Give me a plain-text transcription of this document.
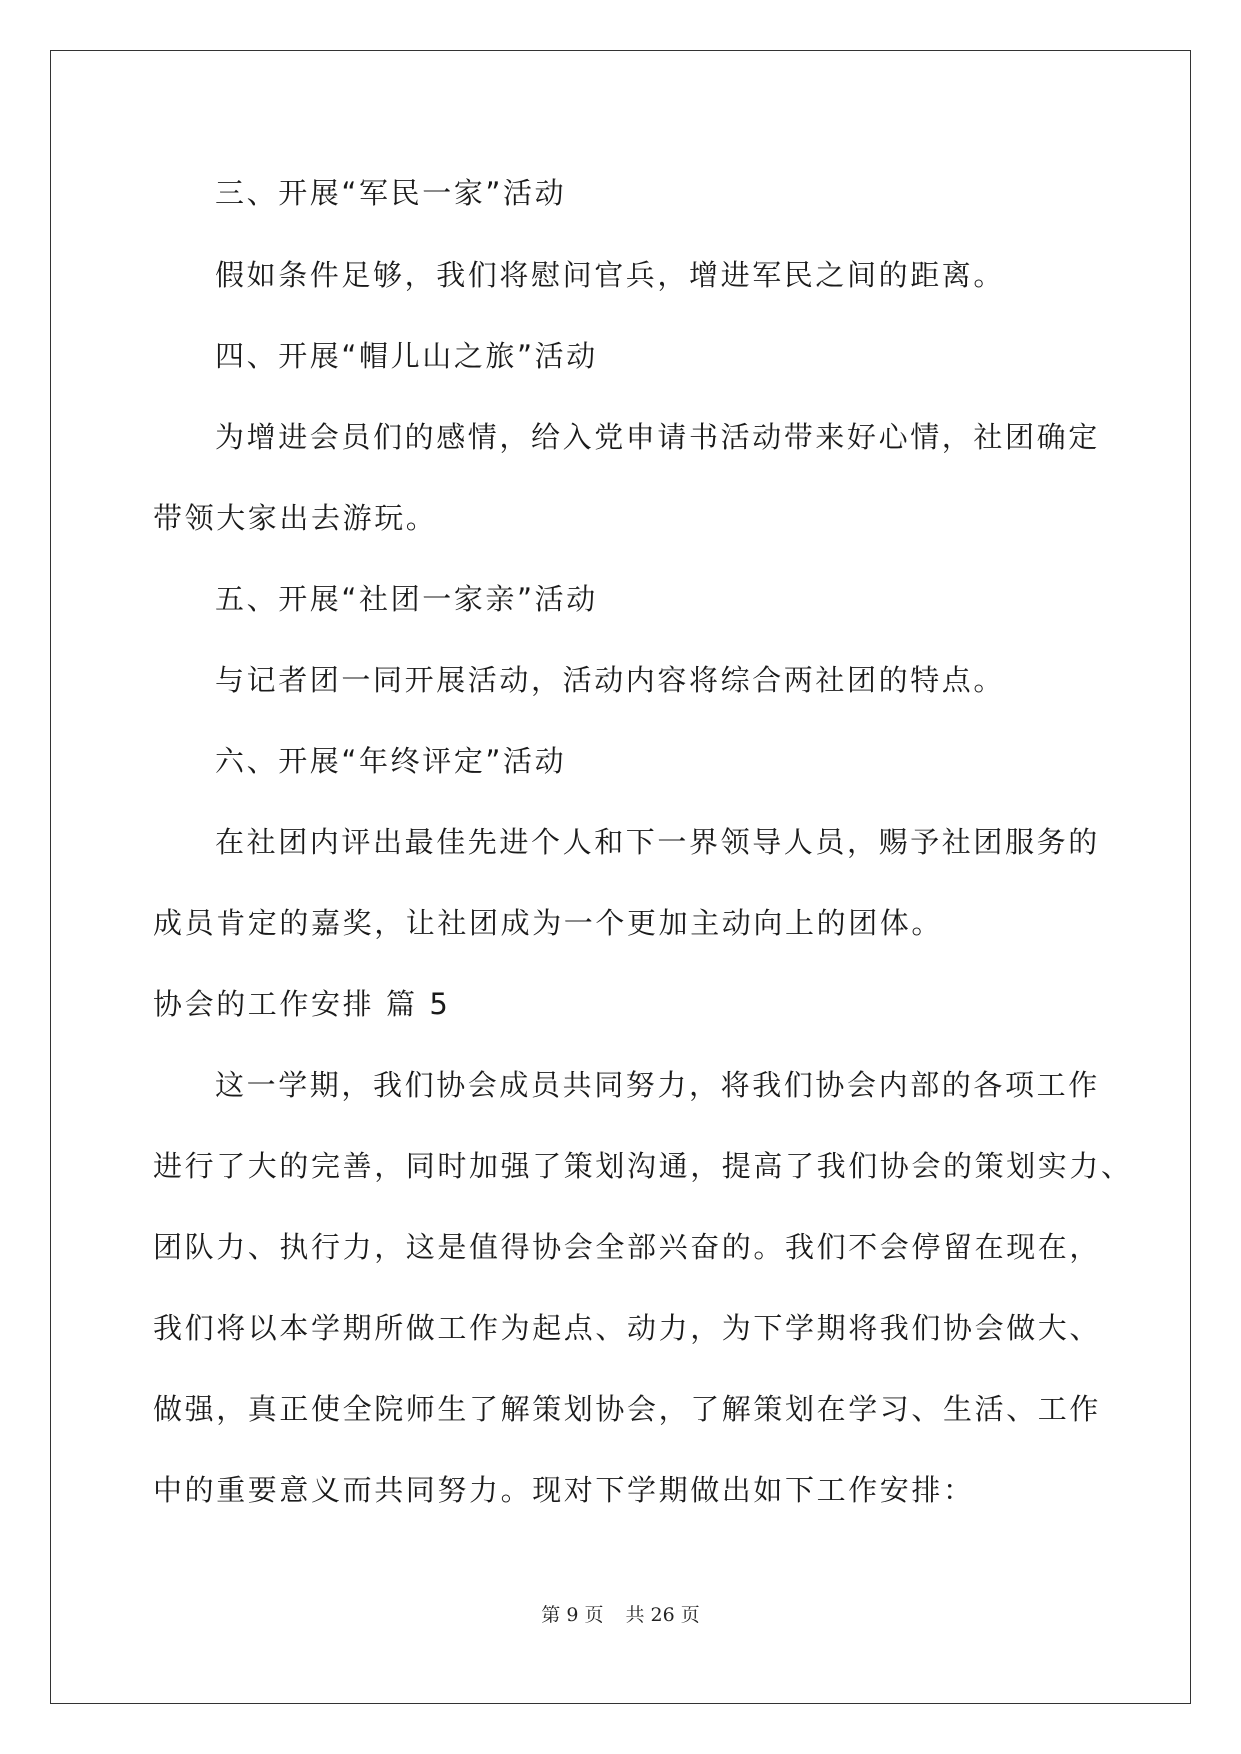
三、开展“军民一家”活动
假如条件足够，我们将慰问官兵，增进军民之间的距离。
四、开展“帽儿山之旅”活动
为增进会员们的感情，给入党申请书活动带来好心情，社团确定
带领大家出去游玩。
五、开展“社团一家亲”活动
与记者团一同开展活动，活动内容将综合两社团的特点。
六、开展“年终评定”活动
在社团内评出最佳先进个人和下一界领导人员，赐予社团服务的
成员肯定的嘉奖，让社团成为一个更加主动向上的团体。
协会的工作安排 篇 5
这一学期，我们协会成员共同努力，将我们协会内部的各项工作
进行了大的完善，同时加强了策划沟通，提高了我们协会的策划实力、
团队力、执行力，这是值得协会全部兴奋的。我们不会停留在现在，
我们将以本学期所做工作为起点、动力，为下学期将我们协会做大、
做强，真正使全院师生了解策划协会，了解策划在学习、生活、工作
中的重要意义而共同努力。现对下学期做出如下工作安排：
第 9 页 共 26 页
